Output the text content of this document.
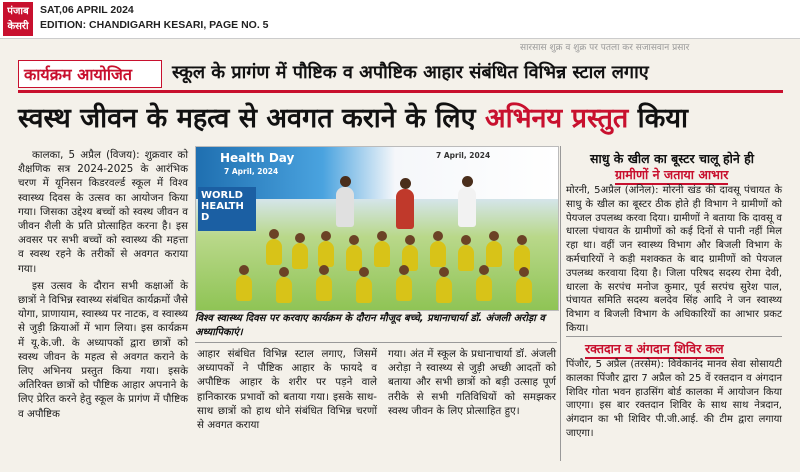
पंजाब
केसरी
SAT,06 APRIL 2024
EDITION: CHANDIGARH KESARI, PAGE NO. 5
सारसास शुक्र व शुक्र पर पतला कर सजासवान प्रसार
कार्यक्रम आयोजित स्कूल के प्रागंण में पौष्टिक व अपौष्टिक आहार संबंधित विभिन्न स्टाल लगाए
स्वस्थ जीवन के महत्व से अवगत कराने के लिए अभिनय प्रस्तुत किया

कालका, 5 अप्रैल (विजय): शुक्रवार को शैक्षणिक सत्र 2024-2025 के आरंभिक चरण में यूनिसन किडरवर्ल्ड स्कूल में विश्व स्वास्थ्य दिवस के उत्सव का आयोजन किया गया। जिसका उद्देश्य बच्चों को स्वस्थ जीवन व जीवन शैली के प्रति प्रोत्साहित करना है। इस अवसर पर सभी बच्चों को स्वास्थ्य की महत्ता व स्वस्थ रहने के तरीकों से अवगत कराया गया।

इस उत्सव के दौरान सभी कक्षाओं के छात्रों ने विभिन्न स्वास्थ्य संबंधित कार्यक्रमों जैसे योगा, प्राणायाम, स्वास्थ्य पर नाटक, व स्वास्थ्य से जुड़ी क्रियाओं में भाग लिया। इस कार्यक्रम में यू.के.जी. के अध्यापकों द्वारा छात्रों को स्वस्थ जीवन के महत्व से अवगत कराने के लिए अभिनय प्रस्तुत किया गया। इसके अतिरिक्त छात्रों को पौष्टिक आहार अपनाने के लिए प्रेरित करने हेतु स्कूल के प्रागंण में पौष्टिक व अपौष्टिक

Health Day
7 April, 2024
7 April, 2024
WORLD
HEALTH
D
विश्व स्वास्थ्य दिवस पर करवाए कार्यक्रम के दौरान मौजूद बच्चे, प्रधानाचार्या डॉ. अंजली अरोड़ा व अध्यापिकाएं।
आहार संबंधित विभिन्न स्टाल लगाए, जिसमें अध्यापकों ने पौष्टिक आहार के फायदे व अपौष्टिक आहार के शरीर पर पड़ने वाले हानिकारक प्रभावों को बताया गया। इसके साथ-साथ छात्रों को हाथ धोने संबंधित विभिन्न चरणों से अवगत कराया
गया। अंत में स्कूल के प्रधानाचार्या डॉ. अंजली अरोड़ा ने स्वास्थ्य से जुड़ी अच्छी आदतों को बताया और सभी छात्रों को बड़ी उत्साह पूर्ण तरीके से सभी गतिविधियों को समझकर स्वस्थ जीवन के लिए प्रोत्साहित हुए।
साधु के खील का बूस्टर चालू होने ही
ग्रामीणों ने जताया आभार
मोरनी, 5अप्रैल (अनिल): मोरनी खंड की दावसू पंचायत के साधु के खील का बूस्टर ठीक होते ही विभाग ने ग्रामीणों को पेयजल उपलब्ध करवा दिया। ग्रामीणों ने बताया कि दावसू व धारला पंचायत के ग्रामीणों को कई दिनों से पानी नहीं मिल रहा था। वहीं जन स्वास्थ्य विभाग और बिजली विभाग के कर्मचारियों ने कड़ी मशक्कत के बाद ग्रामीणों को पेयजल उपलब्ध करवाया दिया है। जिला परिषद सदस्य रोमा देवी, धारला के सरपंच मनोज कुमार, पूर्व सरपंच सुरेश पाल, पंचायत समिति सदस्य बलदेव सिंह आदि ने जन स्वास्थ्य विभाग व बिजली विभाग के अधिकारियों का आभार प्रकट किया।
रक्तदान व अंगदान शिविर कल
पिंजौर, 5 अप्रैल (तरसेम): विवेकानंद मानव सेवा सोसायटी कालका पिंजौर द्वारा 7 अप्रैल को 25 वें रक्तदान व अंगदान शिविर गोता भवन हाउसिंग बोर्ड कालका में आयोजन किया जाएगा। इस बार रक्तदान शिविर के साथ साथ नेत्रदान, अंगदान का भी शिविर पी.जी.आई. की टीम द्वारा लगाया जाएगा।
